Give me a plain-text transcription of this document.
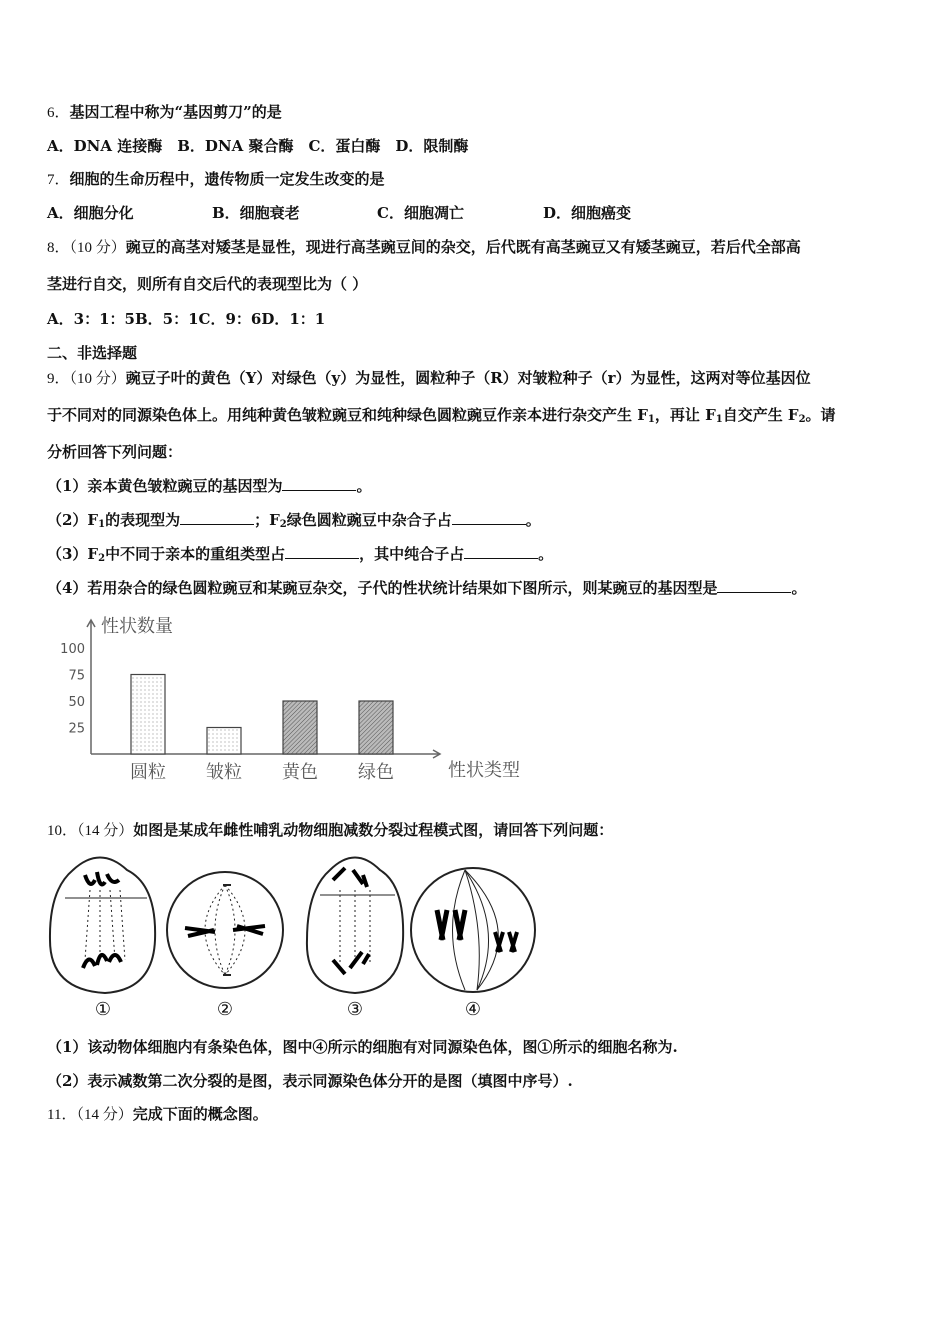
6．基因工程中称为“基因剪刀”的是
A．DNA 连接酶　B．DNA 聚合酶　C．蛋白酶　D．限制酶
7．细胞的生命历程中，遗传物质一定发生改变的是
A．细胞分化	B．细胞衰老	C．细胞凋亡	D．细胞癌变
8．（10 分）豌豆的高茎对矮茎是显性，现进行高茎豌豆间的杂交，后代既有高茎豌豆又有矮茎豌豆，若后代全部高
茎进行自交，则所有自交后代的表现型比为（ ）
A．3：1：5B．5：1C．9：6D．1：1
二、非选择题
9．（10 分）豌豆子叶的黄色（Y）对绿色（y）为显性，圆粒种子（R）对皱粒种子（r）为显性，这两对等位基因位
于不同对的同源染色体上。用纯种黄色皱粒豌豆和纯种绿色圆粒豌豆作亲本进行杂交产生 $F_1$，再让 $F_1$自交产生 $F_2$。请
分析回答下列问题：
（1）亲本黄色皱粒豌豆的基因型为	。
$(2)F_1$的表现型为	；$F_2$绿色圆粒豌豆中杂合子占	。
$(3)F_2$中不同于亲本的重组类型占	，其中纯合子占	。
（4）若用杂合的绿色圆粒豌豆和某豌豆杂交，子代的性状统计结果如下图所示，则某豌豆的基因型是	。
性状数量
性状类型
100
75
50
25
圆粒 皱粒 黄色 绿色
10．（14 分）如图是某成年雌性哺乳动物细胞减数分裂过程模式图，请回答下列问题：
①	②	③	④
（1）该动物体细胞内有条染色体，图中④所示的细胞有对同源染色体，图①所示的细胞名称为.
（2）表示减数第二次分裂的是图，表示同源染色体分开的是图（填图中序号）.
11．（14 分）完成下面的概念图。
